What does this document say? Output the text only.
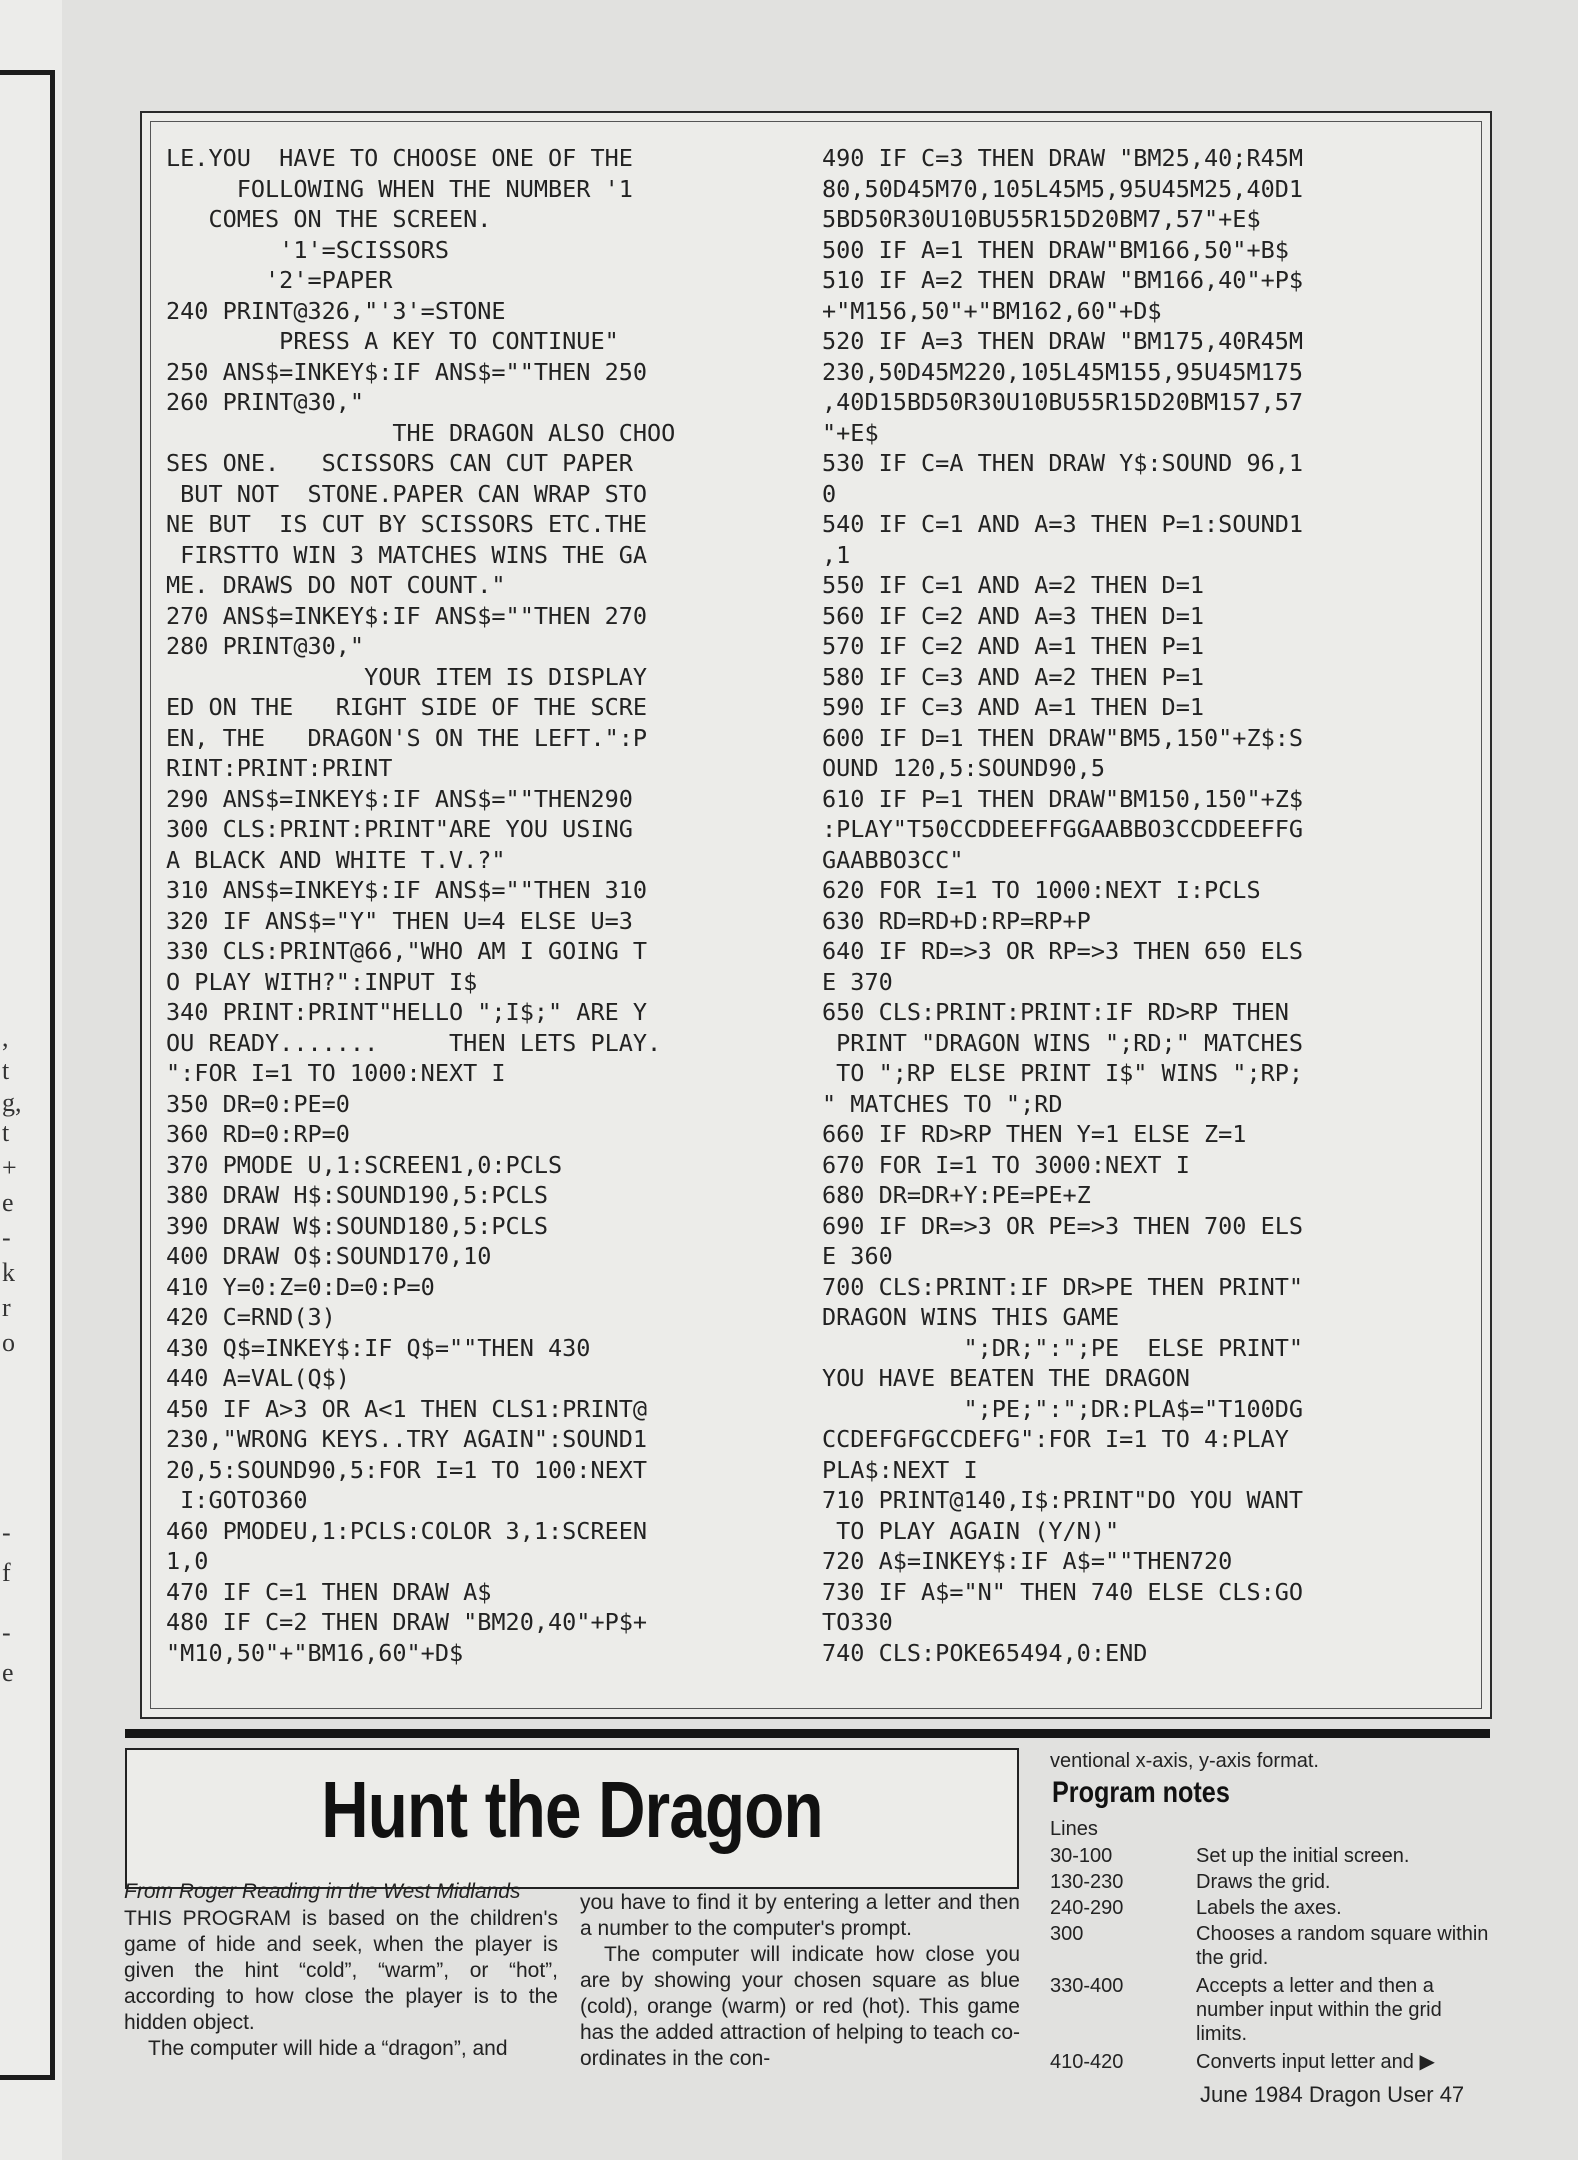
,
t
g,
t
+
e
-
k
r
o
-
f
-
e
LE.YOU  HAVE TO CHOOSE ONE OF THE
FOLLOWING WHEN THE NUMBER '1
COMES ON THE SCREEN.
'1'=SCISSORS
'2'=PAPER
240 PRINT@326,"'3'=STONE
PRESS A KEY TO CONTINUE"
250 ANS$=INKEY$:IF ANS$=""THEN 250
260 PRINT@30,"
THE DRAGON ALSO CHOO
SES ONE.   SCISSORS CAN CUT PAPER
BUT NOT  STONE.PAPER CAN WRAP STO
NE BUT  IS CUT BY SCISSORS ETC.THE
FIRSTTO WIN 3 MATCHES WINS THE GA
ME. DRAWS DO NOT COUNT."
270 ANS$=INKEY$:IF ANS$=""THEN 270
280 PRINT@30,"
YOUR ITEM IS DISPLAY
ED ON THE   RIGHT SIDE OF THE SCRE
EN, THE   DRAGON'S ON THE LEFT.":P
RINT:PRINT:PRINT
290 ANS$=INKEY$:IF ANS$=""THEN290
300 CLS:PRINT:PRINT"ARE YOU USING
A BLACK AND WHITE T.V.?"
310 ANS$=INKEY$:IF ANS$=""THEN 310
320 IF ANS$="Y" THEN U=4 ELSE U=3
330 CLS:PRINT@66,"WHO AM I GOING T
O PLAY WITH?":INPUT I$
340 PRINT:PRINT"HELLO ";I$;" ARE Y
OU READY.......     THEN LETS PLAY.
":FOR I=1 TO 1000:NEXT I
350 DR=0:PE=0
360 RD=0:RP=0
370 PMODE U,1:SCREEN1,0:PCLS
380 DRAW H$:SOUND190,5:PCLS
390 DRAW W$:SOUND180,5:PCLS
400 DRAW O$:SOUND170,10
410 Y=0:Z=0:D=0:P=0
420 C=RND(3)
430 Q$=INKEY$:IF Q$=""THEN 430
440 A=VAL(Q$)
450 IF A>3 OR A<1 THEN CLS1:PRINT@
230,"WRONG KEYS..TRY AGAIN":SOUND1
20,5:SOUND90,5:FOR I=1 TO 100:NEXT
I:GOTO360
460 PMODEU,1:PCLS:COLOR 3,1:SCREEN
1,0
470 IF C=1 THEN DRAW A$
480 IF C=2 THEN DRAW "BM20,40"+P$+
"M10,50"+"BM16,60"+D$
490 IF C=3 THEN DRAW "BM25,40;R45M
80,50D45M70,105L45M5,95U45M25,40D1
5BD50R30U10BU55R15D20BM7,57"+E$
500 IF A=1 THEN DRAW"BM166,50"+B$
510 IF A=2 THEN DRAW "BM166,40"+P$
+"M156,50"+"BM162,60"+D$
520 IF A=3 THEN DRAW "BM175,40R45M
230,50D45M220,105L45M155,95U45M175
,40D15BD50R30U10BU55R15D20BM157,57
"+E$
530 IF C=A THEN DRAW Y$:SOUND 96,1
0
540 IF C=1 AND A=3 THEN P=1:SOUND1
,1
550 IF C=1 AND A=2 THEN D=1
560 IF C=2 AND A=3 THEN D=1
570 IF C=2 AND A=1 THEN P=1
580 IF C=3 AND A=2 THEN P=1
590 IF C=3 AND A=1 THEN D=1
600 IF D=1 THEN DRAW"BM5,150"+Z$:S
OUND 120,5:SOUND90,5
610 IF P=1 THEN DRAW"BM150,150"+Z$
:PLAY"T50CCDDEEFFGGAABBO3CCDDEEFFG
GAABBO3CC"
620 FOR I=1 TO 1000:NEXT I:PCLS
630 RD=RD+D:RP=RP+P
640 IF RD=>3 OR RP=>3 THEN 650 ELS
E 370
650 CLS:PRINT:PRINT:IF RD>RP THEN
PRINT "DRAGON WINS ";RD;" MATCHES
TO ";RP ELSE PRINT I$" WINS ";RP;
" MATCHES TO ";RD
660 IF RD>RP THEN Y=1 ELSE Z=1
670 FOR I=1 TO 3000:NEXT I
680 DR=DR+Y:PE=PE+Z
690 IF DR=>3 OR PE=>3 THEN 700 ELS
E 360
700 CLS:PRINT:IF DR>PE THEN PRINT"
DRAGON WINS THIS GAME
";DR;":";PE  ELSE PRINT"
YOU HAVE BEATEN THE DRAGON
";PE;":";DR:PLA$="T100DG
CCDEFGFGCCDEFG":FOR I=1 TO 4:PLAY
PLA$:NEXT I
710 PRINT@140,I$:PRINT"DO YOU WANT
TO PLAY AGAIN (Y/N)"
720 A$=INKEY$:IF A$=""THEN720
730 IF A$="N" THEN 740 ELSE CLS:GO
TO330
740 CLS:POKE65494,0:END
Hunt the Dragon
From Roger Reading in the West Midlands

THIS PROGRAM is based on the children's game of hide and seek, when the player is given the hint “cold”, “warm”, or “hot”, according to how close the player is to the hidden object.

The computer will hide a “dragon”, and

you have to find it by entering a letter and then a number to the computer's prompt.

The computer will indicate how close you are by showing your chosen square as blue (cold), orange (warm) or red (hot). This game has the added attraction of helping to teach co-ordinates in the con-

ventional x-axis, y-axis format.
Program notes
Lines
30-100	Set up the initial screen.
130-230	Draws the grid.
240-290	Labels the axes.
300	Chooses a random square within the grid.
330-400	Accepts a letter and then a number input within the grid limits.
410-420	Converts input letter and ▶
June 1984 Dragon User 47
